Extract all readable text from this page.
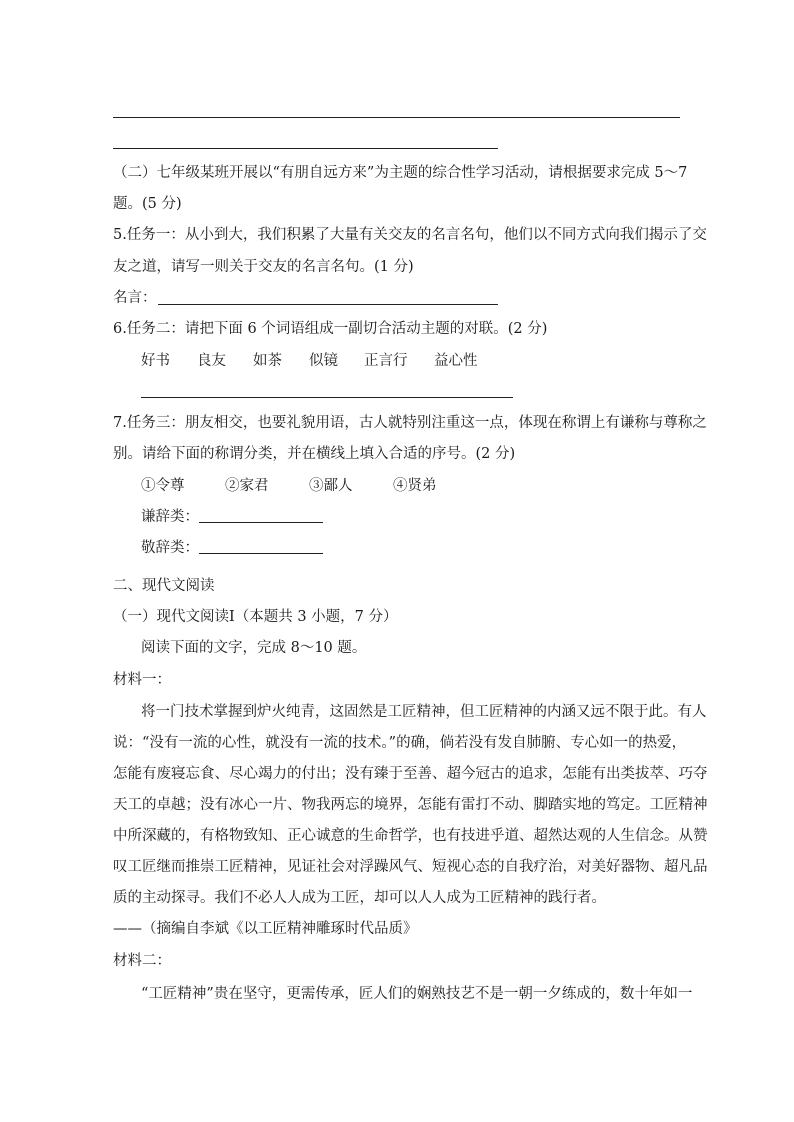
（二）七年级某班开展以“有朋自远方来”为主题的综合性学习活动，请根据要求完成 5～7
题。(5 分)
5.任务一：从小到大，我们积累了大量有关交友的名言名句，他们以不同方式向我们揭示了交
友之道，请写一则关于交友的名言名句。(1 分)
名言：
6.任务二：请把下面 6 个词语组成一副切合活动主题的对联。(2 分)
好书 良友 如茶 似镜 正言行 益心性
7.任务三：朋友相交，也要礼貌用语，古人就特别注重这一点，体现在称谓上有谦称与尊称之
别。请给下面的称谓分类，并在横线上填入合适的序号。(2 分)
①令尊	②家君	③鄙人	④贤弟
谦辞类：
敬辞类：
二、现代文阅读
（一）现代文阅读Ⅰ（本题共 3 小题，7 分）
阅读下面的文字，完成 8～10 题。
材料一：
将一门技术掌握到炉火纯青，这固然是工匠精神，但工匠精神的内涵又远不限于此。有人
说：“没有一流的心性，就没有一流的技术。”的确，倘若没有发自肺腑、专心如一的热爱，
怎能有废寝忘食、尽心竭力的付出；没有臻于至善、超今冠古的追求，怎能有出类拔萃、巧夺
天工的卓越；没有冰心一片、物我两忘的境界，怎能有雷打不动、脚踏实地的笃定。工匠精神
中所深藏的，有格物致知、正心诚意的生命哲学，也有技进乎道、超然达观的人生信念。从赞
叹工匠继而推崇工匠精神，见证社会对浮躁风气、短视心态的自我疗治，对美好器物、超凡品
质的主动探寻。我们不必人人成为工匠，却可以人人成为工匠精神的践行者。
——（摘编自李斌《以工匠精神雕琢时代品质》
材料二：
“工匠精神”贵在坚守，更需传承，匠人们的娴熟技艺不是一朝一夕练成的，数十年如一
